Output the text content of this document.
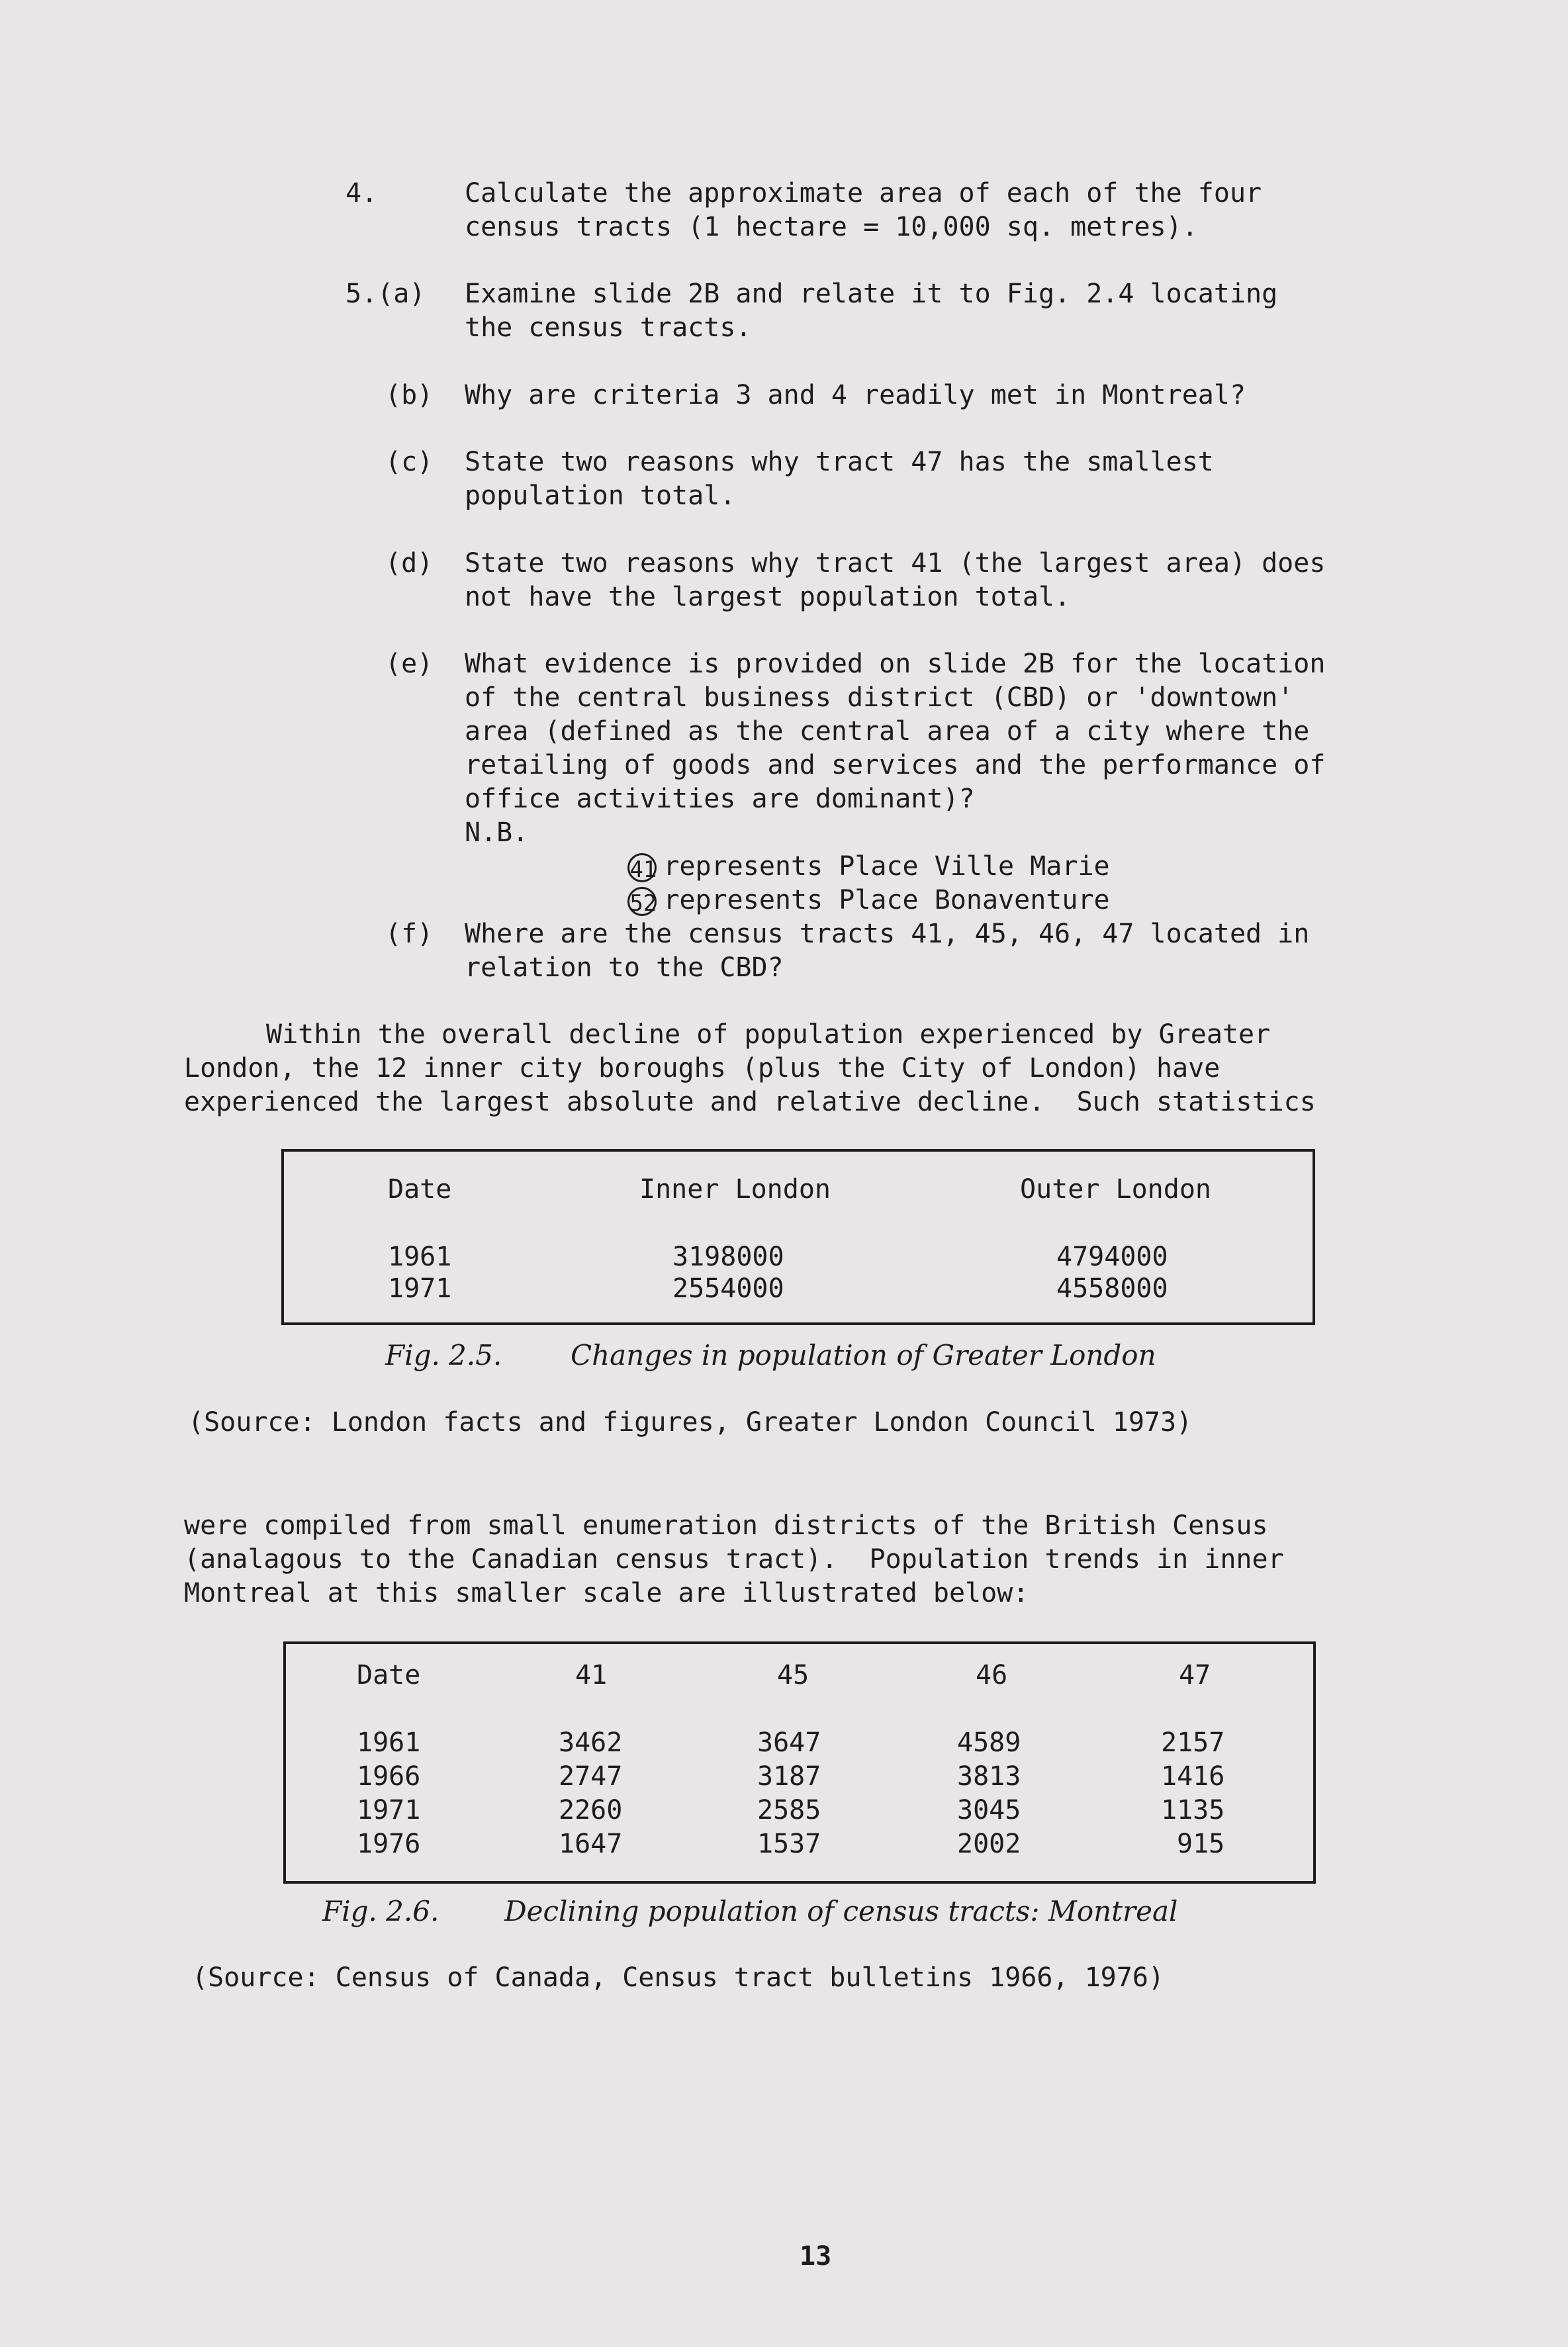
4.	Calculate the approximate area of each of the four
census tracts (1 hectare = 10,000 sq. metres).
5.(a) Examine slide 2B and relate it to Fig. 2.4 locating
the census tracts.
(b) Why are criteria 3 and 4 readily met in Montreal?
(c) State two reasons why tract 47 has the smallest
population total.
(d) State two reasons why tract 41 (the largest area) does
not have the largest population total.
(e) What evidence is provided on slide 2B for the location
of the central business district (CBD) or 'downtown'
area (defined as the central area of a city where the
retailing of goods and services and the performance of
office activities are dominant)?
N.B.

41 represents Place Ville Marie

52 represents Place Bonaventure

(f) Where are the census tracts 41, 45, 46, 47 located in
relation to the CBD?
Within the overall decline of population experienced by Greater
London, the 12 inner city boroughs (plus the City of London) have
experienced the largest absolute and relative decline.  Such statistics
Date	Inner London	Outer London
1961	3198000	4794000
1971	2554000	4558000
Fig. 2.5. Changes in population of Greater London
(Source: London facts and figures, Greater London Council 1973)
were compiled from small enumeration districts of the British Census
(analagous to the Canadian census tract).  Population trends in inner
Montreal at this smaller scale are illustrated below:
Date	41	45	46	47
1961	3462	3647	4589	2157
1966	2747	3187	3813	1416
1971	2260	2585	3045	1135
1976	1647	1537	2002	915
Fig. 2.6. Declining population of census tracts: Montreal
(Source: Census of Canada, Census tract bulletins 1966, 1976)
13
